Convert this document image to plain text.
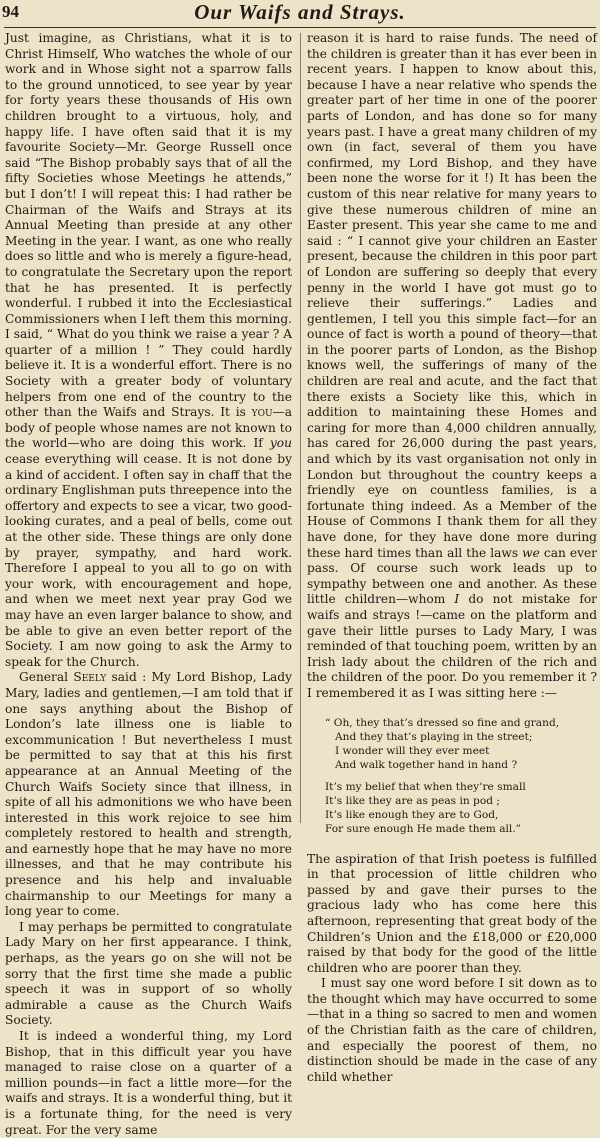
94	Our Waifs and Strays.

Just imagine, as Christians, what it is to Christ Himself, Who watches the whole of our work and in Whose sight not a sparrow falls to the ground unnoticed, to see year by year for forty years these thousands of His own children brought to a virtuous, holy, and happy life. I have often said that it is my favourite Society—Mr. George Russell once said “The Bishop probably says that of all the fifty Societies whose Meetings he attends,” but I don’t! I will repeat this: I had rather be Chairman of the Waifs and Strays at its Annual Meeting than preside at any other Meeting in the year. I want, as one who really does so little and who is merely a figure-head, to congratulate the Secretary upon the report that he has presented. It is perfectly wonderful. I rubbed it into the Ecclesiastical Commissioners when I left them this morning. I said, “ What do you think we raise a year ? A quarter of a million ! ” They could hardly believe it. It is a wonderful effort. There is no Society with a greater body of voluntary helpers from one end of the country to the other than the Waifs and Strays. It is you—a body of people whose names are not known to the world—who are doing this work. If you cease everything will cease. It is not done by a kind of accident. I often say in chaff that the ordinary Englishman puts threepence into the offertory and expects to see a vicar, two good-looking curates, and a peal of bells, come out at the other side. These things are only done by prayer, sympathy, and hard work. Therefore I appeal to you all to go on with your work, with encouragement and hope, and when we meet next year pray God we may have an even larger balance to show, and be able to give an even better report of the Society. I am now going to ask the Army to speak for the Church.

General Seely said : My Lord Bishop, Lady Mary, ladies and gentlemen,—I am told that if one says anything about the Bishop of London’s late illness one is liable to excommunication ! But nevertheless I must be permitted to say that at this his first appearance at an Annual Meeting of the Church Waifs Society since that illness, in spite of all his admonitions we who have been interested in this work rejoice to see him completely restored to health and strength, and earnestly hope that he may have no more illnesses, and that he may contribute his presence and his help and invaluable chairmanship to our Meetings for many a long year to come.

I may perhaps be permitted to congratulate Lady Mary on her first appearance. I think, perhaps, as the years go on she will not be sorry that the first time she made a public speech it was in support of so wholly admirable a cause as the Church Waifs Society.

It is indeed a wonderful thing, my Lord Bishop, that in this difficult year you have managed to raise close on a quarter of a million pounds—in fact a little more—for the waifs and strays. It is a wonderful thing, but it is a fortunate thing, for the need is very great. For the very same

reason it is hard to raise funds. The need of the children is greater than it has ever been in recent years. I happen to know about this, because I have a near relative who spends the greater part of her time in one of the poorer parts of London, and has done so for many years past. I have a great many children of my own (in fact, several of them you have confirmed, my Lord Bishop, and they have been none the worse for it !) It has been the custom of this near relative for many years to give these numerous children of mine an Easter present. This year she came to me and said : “ I cannot give your children an Easter present, because the children in this poor part of London are suffering so deeply that every penny in the world I have got must go to relieve their sufferings.” Ladies and gentlemen, I tell you this simple fact—for an ounce of fact is worth a pound of theory—that in the poorer parts of London, as the Bishop knows well, the sufferings of many of the children are real and acute, and the fact that there exists a Society like this, which in addition to maintaining these Homes and caring for more than 4,000 children annually, has cared for 26,000 during the past years, and which by its vast organisation not only in London but throughout the country keeps a friendly eye on countless families, is a fortunate thing indeed. As a Member of the House of Commons I thank them for all they have done, for they have done more during these hard times than all the laws we can ever pass. Of course such work leads up to sympathy between one and another. As these little children—whom I do not mistake for waifs and strays !—came on the platform and gave their little purses to Lady Mary, I was reminded of that touching poem, written by an Irish lady about the children of the rich and the children of the poor. Do you remember it ? I remembered it as I was sitting here :—

“ Oh, they that’s dressed so fine and grand,
And they that’s playing in the street;
I wonder will they ever meet
And walk together hand in hand ?
It’s my belief that when they’re small
It’s like they are as peas in pod ;
It’s like enough they are to God,
For sure enough He made them all.”

The aspiration of that Irish poetess is fulfilled in that procession of little children who passed by and gave their purses to the gracious lady who has come here this afternoon, representing that great body of the Children’s Union and the £18,000 or £20,000 raised by that body for the good of the little children who are poorer than they.

I must say one word before I sit down as to the thought which may have occurred to some—that in a thing so sacred to men and women of the Christian faith as the care of children, and especially the poorest of them, no distinction should be made in the case of any child whether
